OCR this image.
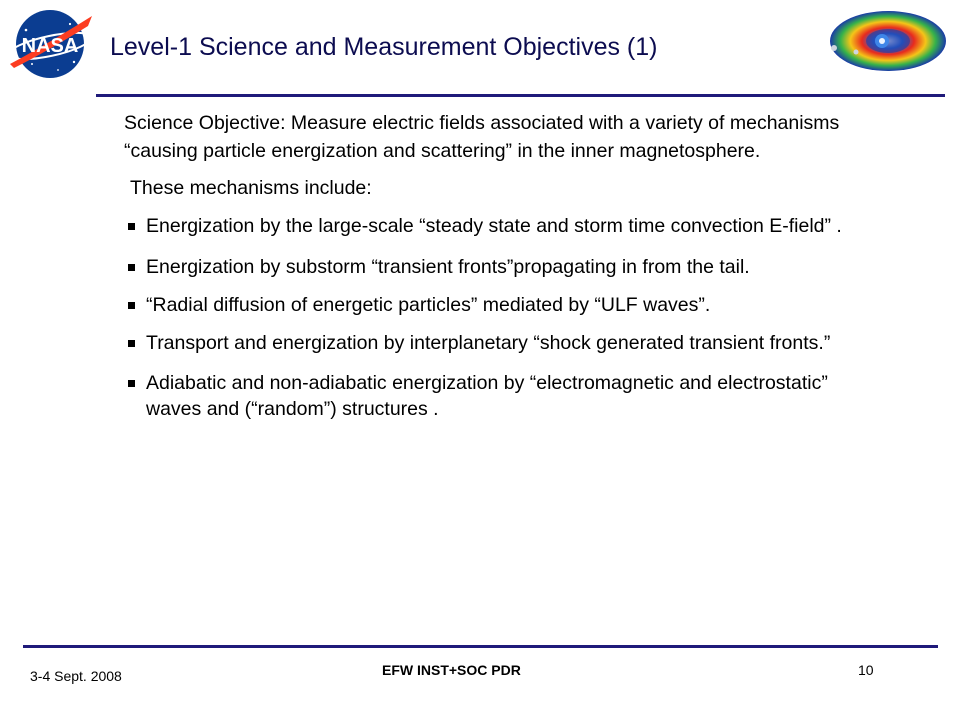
NASA Level-1 Science and Measurement Objectives (1)
Science Objective: Measure electric fields associated with a variety of mechanisms
“causing particle energization and scattering” in the inner magnetosphere.
These mechanisms include:
Energization by the large-scale “steady state and storm time convection E-field” .
Energization by substorm “transient fronts”propagating in from the tail.
“Radial diffusion of energetic particles” mediated by “ULF waves”.
Transport and energization by interplanetary “shock generated transient fronts.”
Adiabatic and non-adiabatic energization by “electromagnetic and electrostatic”
waves and (“random”) structures .
3-4 Sept. 2008	EFW INST+SOC PDR	10
